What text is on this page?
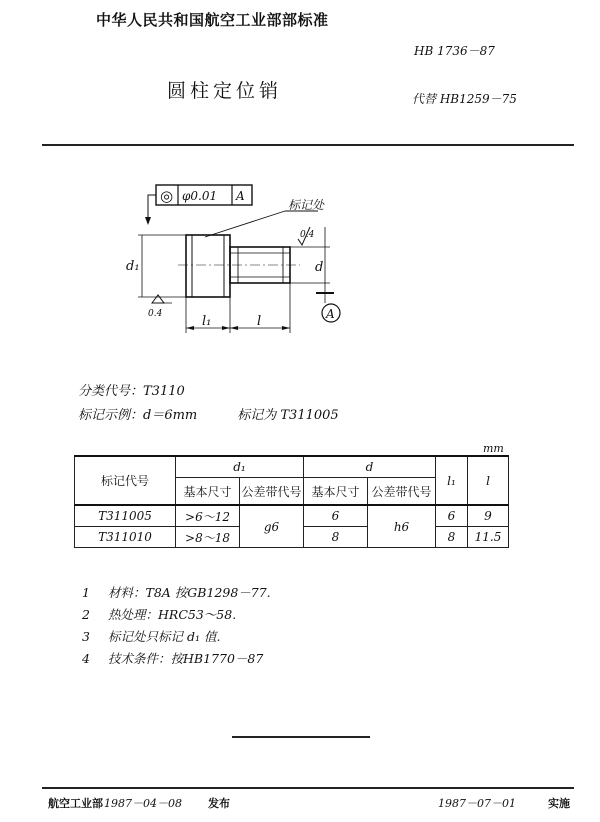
中华人民共和国航空工业部部标准
HB 1736－87
圆柱定位销	代替 HB1259－75
◎ φ0.01 A
标记处
d₁	d
0.4
0.4	l₁	l	A
分类代号：T3110
标记示例：d＝6mm	标记为 T311005
mm
标记代号	d₁		d		l₁	l
	基本尺寸	公差带代号	基本尺寸	公差带代号		
T311005	>6～12	g6	6	h6	6	9
T311010	>8～18		8		8	11.5
1 材料：T8A 按GB1298－77.
2 热处理：HRC53～58.
3 标记处只标记 d₁ 值.
4 技术条件：按HB1770－87
航空工业部 1987－04－08 发布	1987－07－01	实施
